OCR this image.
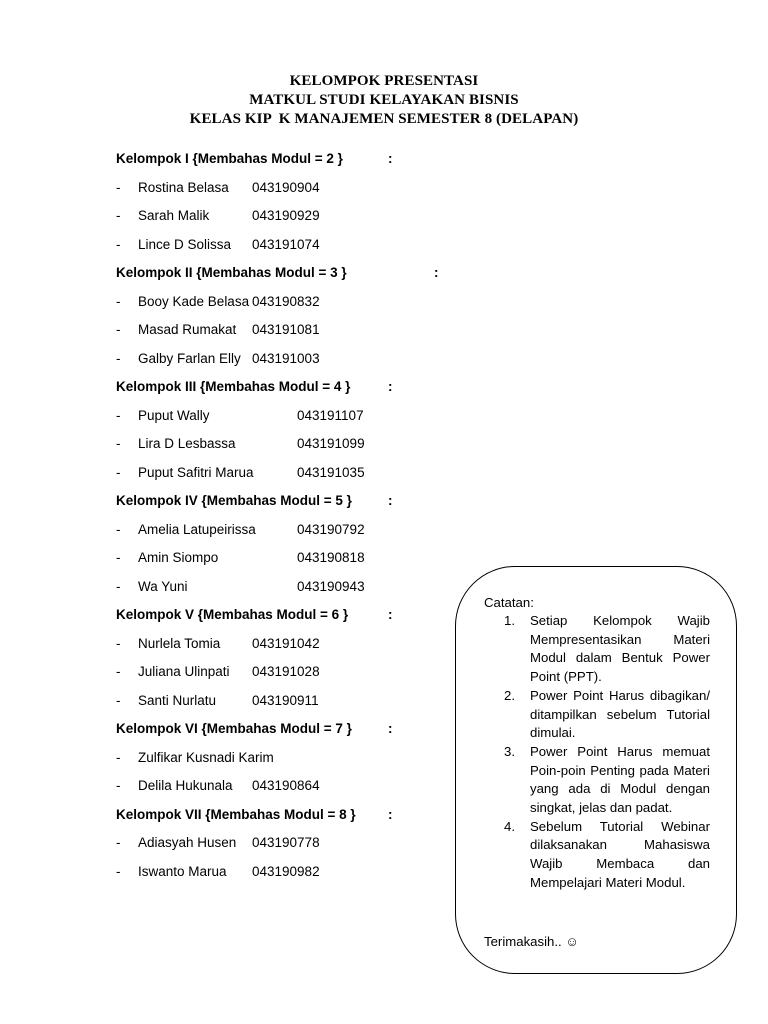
KELOMPOK PRESENTASI
MATKUL STUDI KELAYAKAN BISNIS
KELAS KIP  K MANAJEMEN SEMESTER 8 (DELAPAN)
Kelompok I {Membahas Modul = 2 }	:
- Rostina Belasa 043190904
- Sarah Malik	043190929
- Lince D Solissa 043191074
Kelompok II {Membahas Modul = 3 }	:
- Booy Kade Belasa 043190832
- Masad Rumakat 043191081
- Galby Farlan Elly 043191003
Kelompok III {Membahas Modul = 4 }	:
- Puput Wally	043191107
- Lira D Lesbassa	043191099
- Puput Safitri Marua	043191035
Kelompok IV {Membahas Modul = 5 }	:
- Amelia Latupeirissa	043190792
- Amin Siompo	043190818
- Wa Yuni	043190943
Kelompok V {Membahas Modul = 6 }	:
- Nurlela Tomia 043191042
- Juliana Ulinpati 043191028
- Santi Nurlatu	043190911
Kelompok VI {Membahas Modul = 7 }	:
- Zulfikar Kusnadi Karim
- Delila Hukunala 043190864
Kelompok VII {Membahas Modul = 8 } :
- Adiasyah Husen 043190778
- Iswanto Marua 043190982
Catatan:
1. Setiap Kelompok Wajib Mempresentasikan Materi Modul dalam Bentuk Power Point (PPT).
2. Power Point Harus dibagikan/ ditampilkan sebelum Tutorial dimulai.
3. Power Point Harus memuat Poin-poin Penting pada Materi yang ada di Modul dengan singkat, jelas dan padat.
4. Sebelum Tutorial Webinar dilaksanakan Mahasiswa Wajib Membaca dan Mempelajari Materi Modul.
Terimakasih.. ☺
